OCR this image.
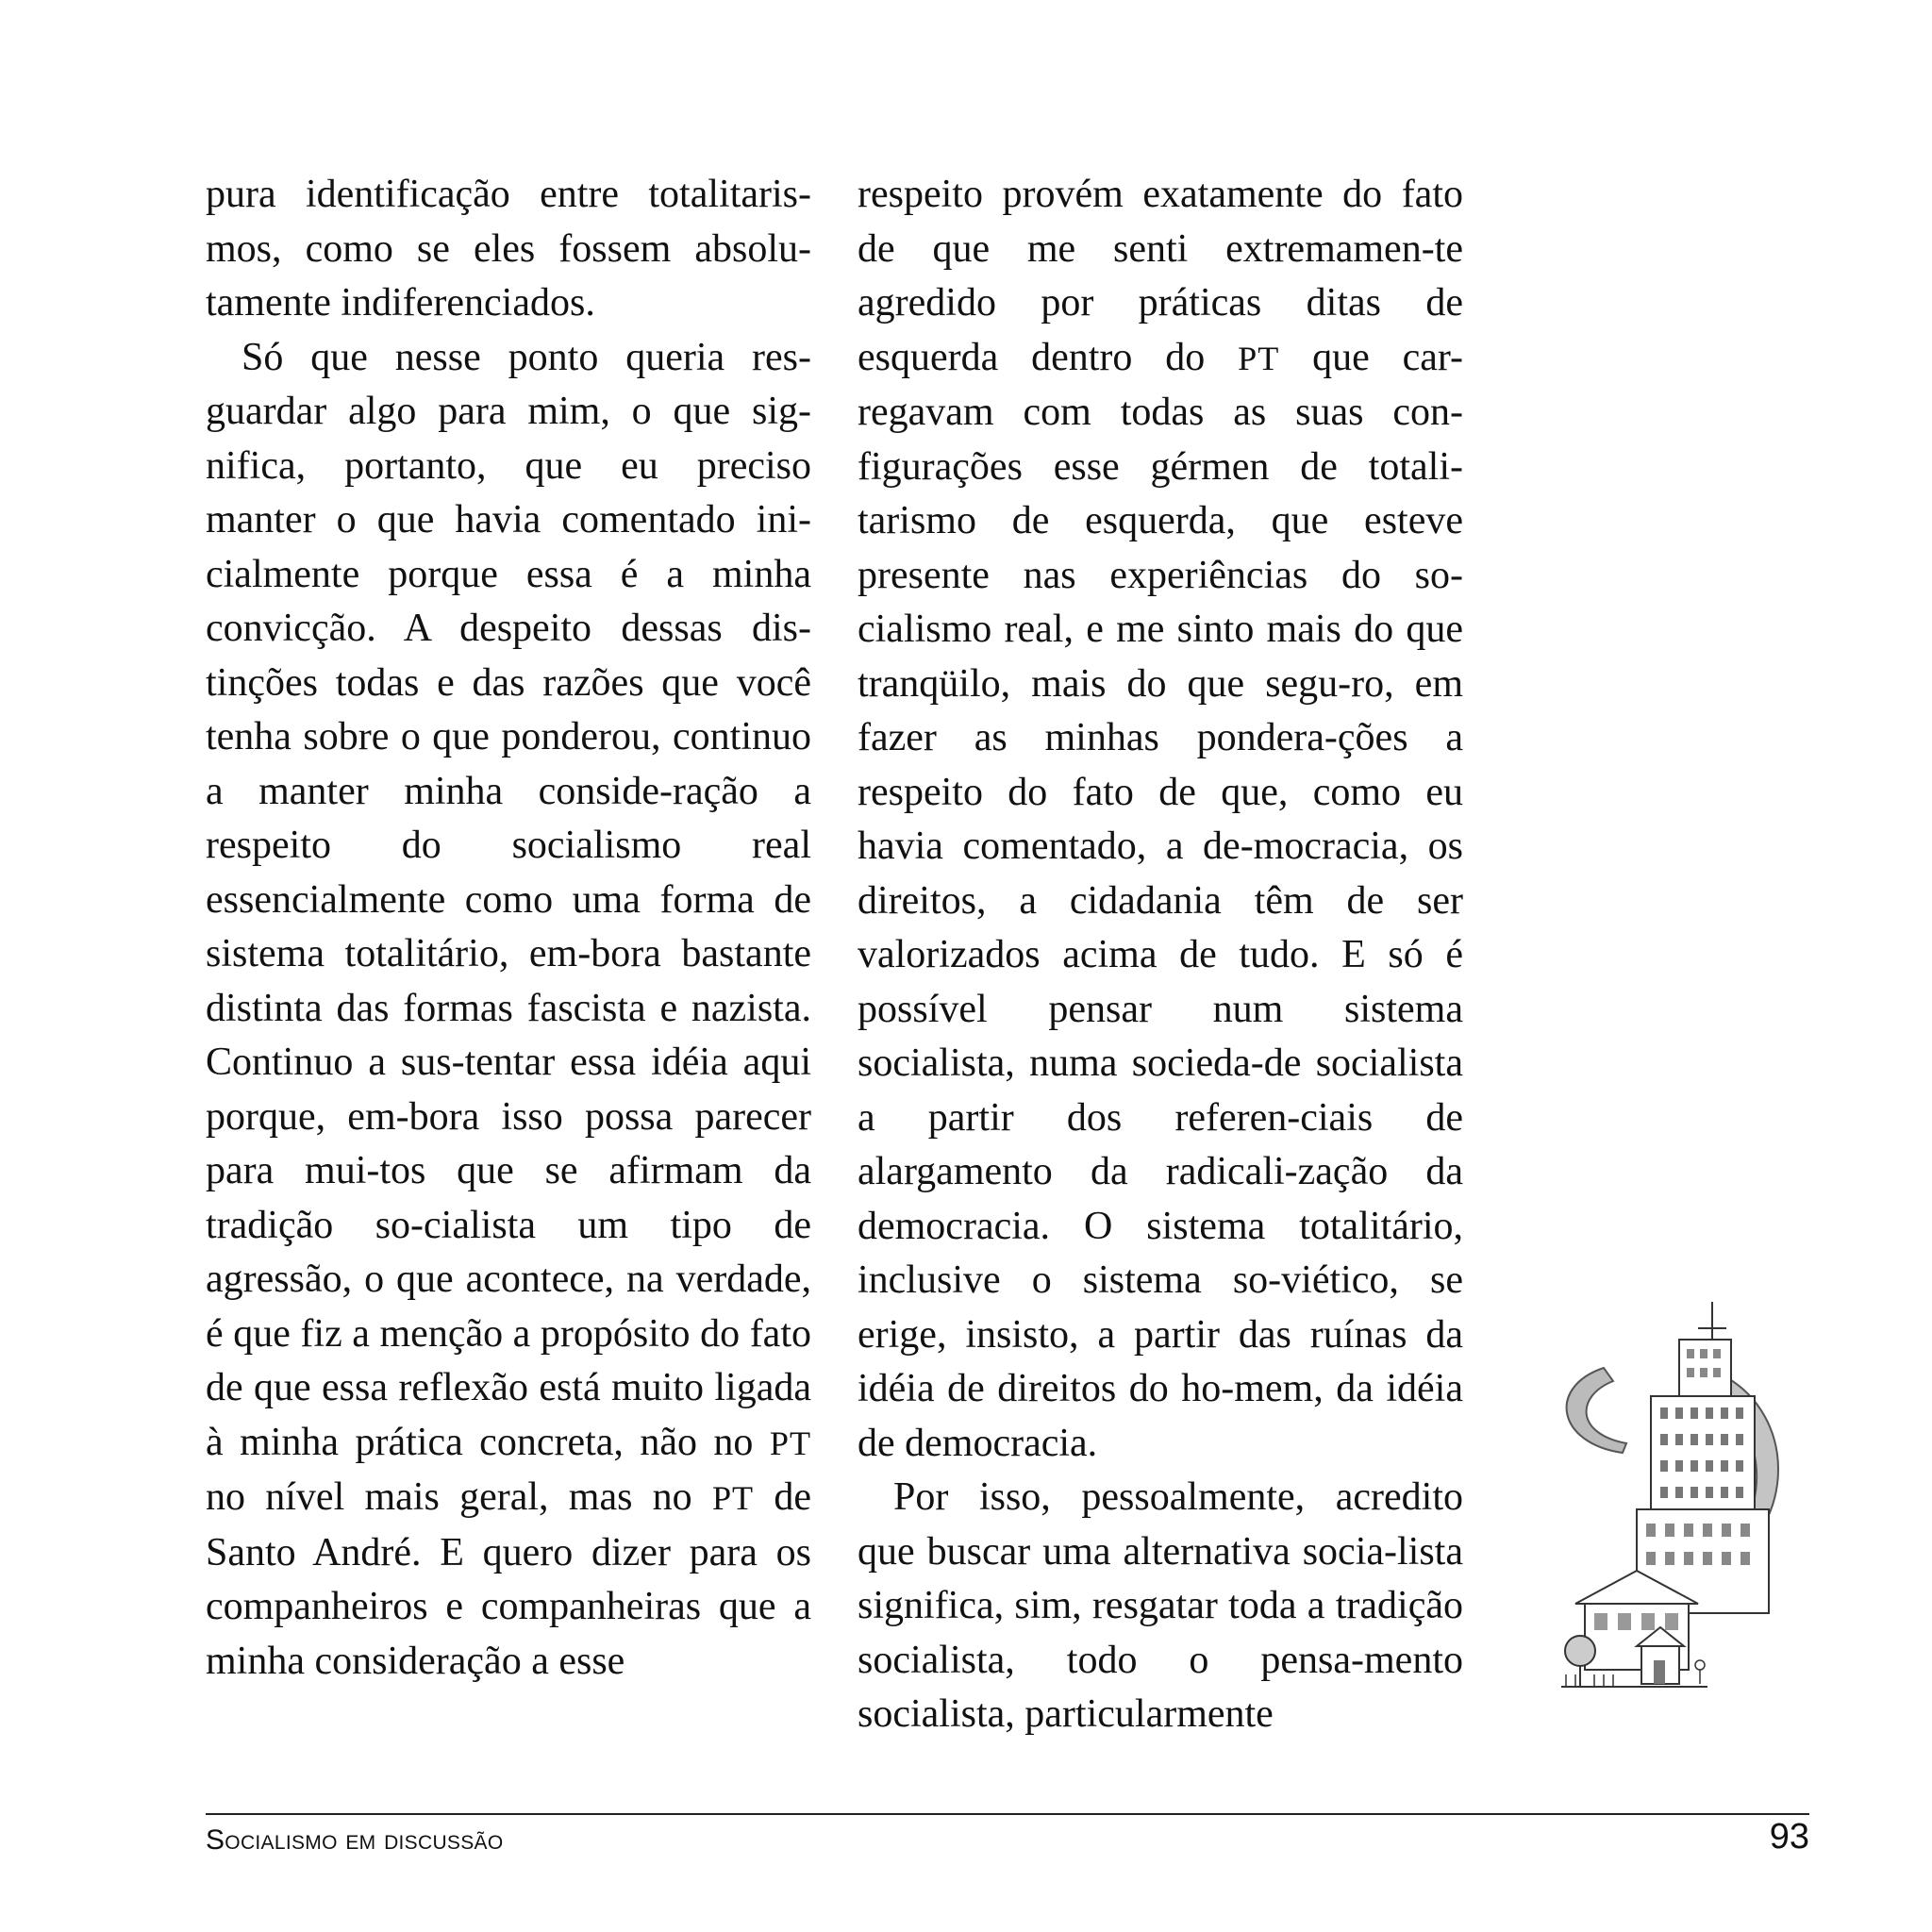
pura identificação entre totalitaris-mos, como se eles fossem absolu-tamente indiferenciados.

Só que nesse ponto queria res-guardar algo para mim, o que sig-nifica, portanto, que eu preciso manter o que havia comentado ini-cialmente porque essa é a minha convicção. A despeito dessas dis-tinções todas e das razões que você tenha sobre o que ponderou, continuo a manter minha conside-ração a respeito do socialismo real essencialmente como uma forma de sistema totalitário, em-bora bastante distinta das formas fascista e nazista. Continuo a sus-tentar essa idéia aqui porque, em-bora isso possa parecer para mui-tos que se afirmam da tradição so-cialista um tipo de agressão, o que acontece, na verdade, é que fiz a menção a propósito do fato de que essa reflexão está muito ligada à minha prática concreta, não no PT no nível mais geral, mas no PT de Santo André. E quero dizer para os companheiros e companheiras que a minha consideração a esse

respeito provém exatamente do fato de que me senti extremamen-te agredido por práticas ditas de esquerda dentro do PT que car-regavam com todas as suas con-figurações esse gérmen de totali-tarismo de esquerda, que esteve presente nas experiências do so-cialismo real, e me sinto mais do que tranqüilo, mais do que segu-ro, em fazer as minhas pondera-ções a respeito do fato de que, como eu havia comentado, a de-mocracia, os direitos, a cidadania têm de ser valorizados acima de tudo. E só é possível pensar num sistema socialista, numa socieda-de socialista a partir dos referen-ciais de alargamento da radicali-zação da democracia. O sistema totalitário, inclusive o sistema so-viético, se erige, insisto, a partir das ruínas da idéia de direitos do ho-mem, da idéia de democracia.

Por isso, pessoalmente, acredito que buscar uma alternativa socia-lista significa, sim, resgatar toda a tradição socialista, todo o pensa-mento socialista, particularmente

Socialismo em discussão	93
